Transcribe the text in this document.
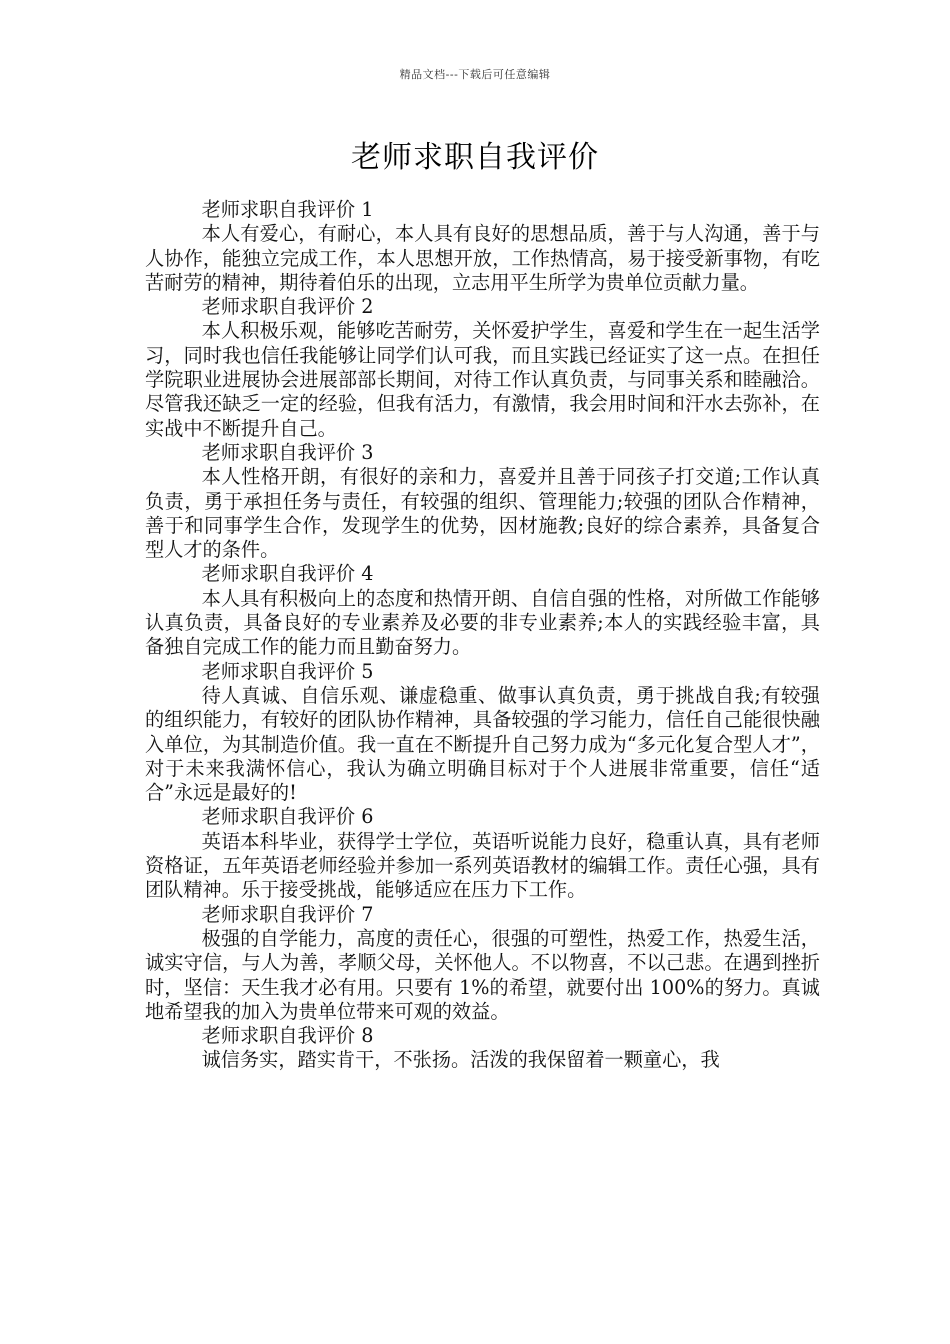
精品文档---下载后可任意编辑
老师求职自我评价

老师求职自我评价 1

本人有爱心，有耐心，本人具有良好的思想品质，善于与人沟通，善于与人协作，能独立完成工作，本人思想开放，工作热情高，易于接受新事物，有吃苦耐劳的精神，期待着伯乐的出现，立志用平生所学为贵单位贡献力量。

老师求职自我评价 2

本人积极乐观，能够吃苦耐劳，关怀爱护学生，喜爱和学生在一起生活学习，同时我也信任我能够让同学们认可我，而且实践已经证实了这一点。在担任学院职业进展协会进展部部长期间，对待工作认真负责，与同事关系和睦融洽。尽管我还缺乏一定的经验，但我有活力，有激情，我会用时间和汗水去弥补，在实战中不断提升自己。

老师求职自我评价 3

本人性格开朗，有很好的亲和力，喜爱并且善于同孩子打交道;工作认真负责，勇于承担任务与责任，有较强的组织、管理能力;较强的团队合作精神，善于和同事学生合作，发现学生的优势，因材施教;良好的综合素养，具备复合型人才的条件。

老师求职自我评价 4

本人具有积极向上的态度和热情开朗、自信自强的性格，对所做工作能够认真负责，具备良好的专业素养及必要的非专业素养;本人的实践经验丰富，具备独自完成工作的能力而且勤奋努力。

老师求职自我评价 5

待人真诚、自信乐观、谦虚稳重、做事认真负责，勇于挑战自我;有较强的组织能力，有较好的团队协作精神，具备较强的学习能力，信任自己能很快融入单位，为其制造价值。我一直在不断提升自己努力成为“多元化复合型人才”，对于未来我满怀信心，我认为确立明确目标对于个人进展非常重要，信任“适合”永远是最好的!

老师求职自我评价 6

英语本科毕业，获得学士学位，英语听说能力良好，稳重认真，具有老师资格证，五年英语老师经验并参加一系列英语教材的编辑工作。责任心强，具有团队精神。乐于接受挑战，能够适应在压力下工作。

老师求职自我评价 7

极强的自学能力，高度的责任心，很强的可塑性，热爱工作，热爱生活，诚实守信，与人为善，孝顺父母，关怀他人。不以物喜，不以己悲。在遇到挫折时，坚信：天生我才必有用。只要有 1%的希望，就要付出 100%的努力。真诚地希望我的加入为贵单位带来可观的效益。

老师求职自我评价 8

诚信务实，踏实肯干，不张扬。活泼的我保留着一颗童心，我
